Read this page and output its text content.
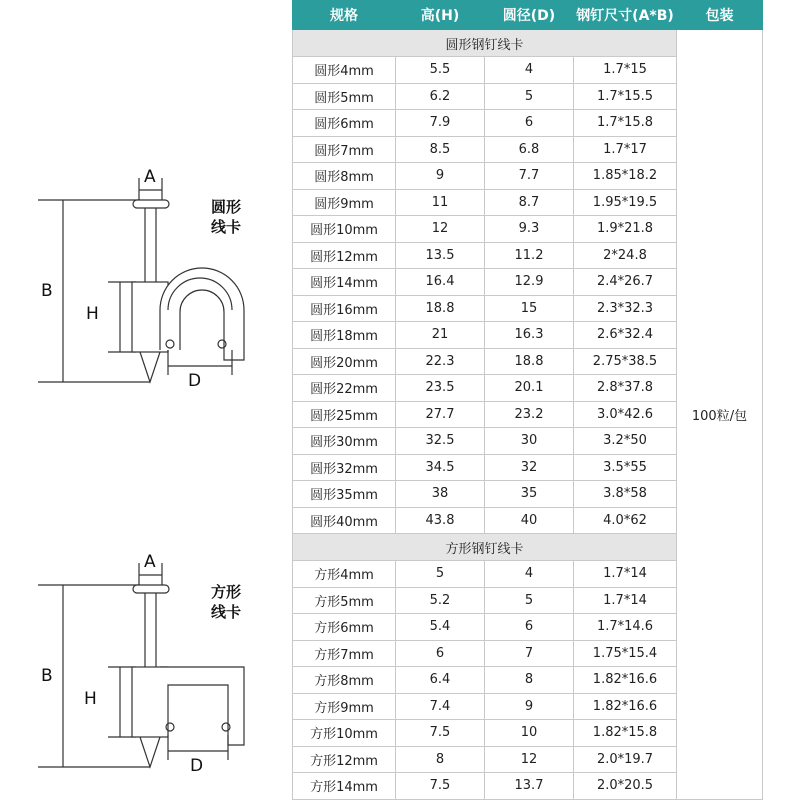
A
B
H
D
圆形
线卡
A
B
H
D
方形
线卡
规格	高(H)	圆径(D)	钢钉尺寸(A*B)	包装
圆形钢钉线卡				100粒/包
圆形4mm	5.5	4	1.7*15	
圆形5mm	6.2	5	1.7*15.5	
圆形6mm	7.9	6	1.7*15.8	
圆形7mm	8.5	6.8	1.7*17	
圆形8mm	9	7.7	1.85*18.2	
圆形9mm	11	8.7	1.95*19.5	
圆形10mm	12	9.3	1.9*21.8	
圆形12mm	13.5	11.2	2*24.8	
圆形14mm	16.4	12.9	2.4*26.7	
圆形16mm	18.8	15	2.3*32.3	
圆形18mm	21	16.3	2.6*32.4	
圆形20mm	22.3	18.8	2.75*38.5	
圆形22mm	23.5	20.1	2.8*37.8	
圆形25mm	27.7	23.2	3.0*42.6	
圆形30mm	32.5	30	3.2*50	
圆形32mm	34.5	32	3.5*55	
圆形35mm	38	35	3.8*58	
圆形40mm	43.8	40	4.0*62	
方形钢钉线卡				
方形4mm	5	4	1.7*14	
方形5mm	5.2	5	1.7*14	
方形6mm	5.4	6	1.7*14.6	
方形7mm	6	7	1.75*15.4	
方形8mm	6.4	8	1.82*16.6	
方形9mm	7.4	9	1.82*16.6	
方形10mm	7.5	10	1.82*15.8	
方形12mm	8	12	2.0*19.7	
方形14mm	7.5	13.7	2.0*20.5	
